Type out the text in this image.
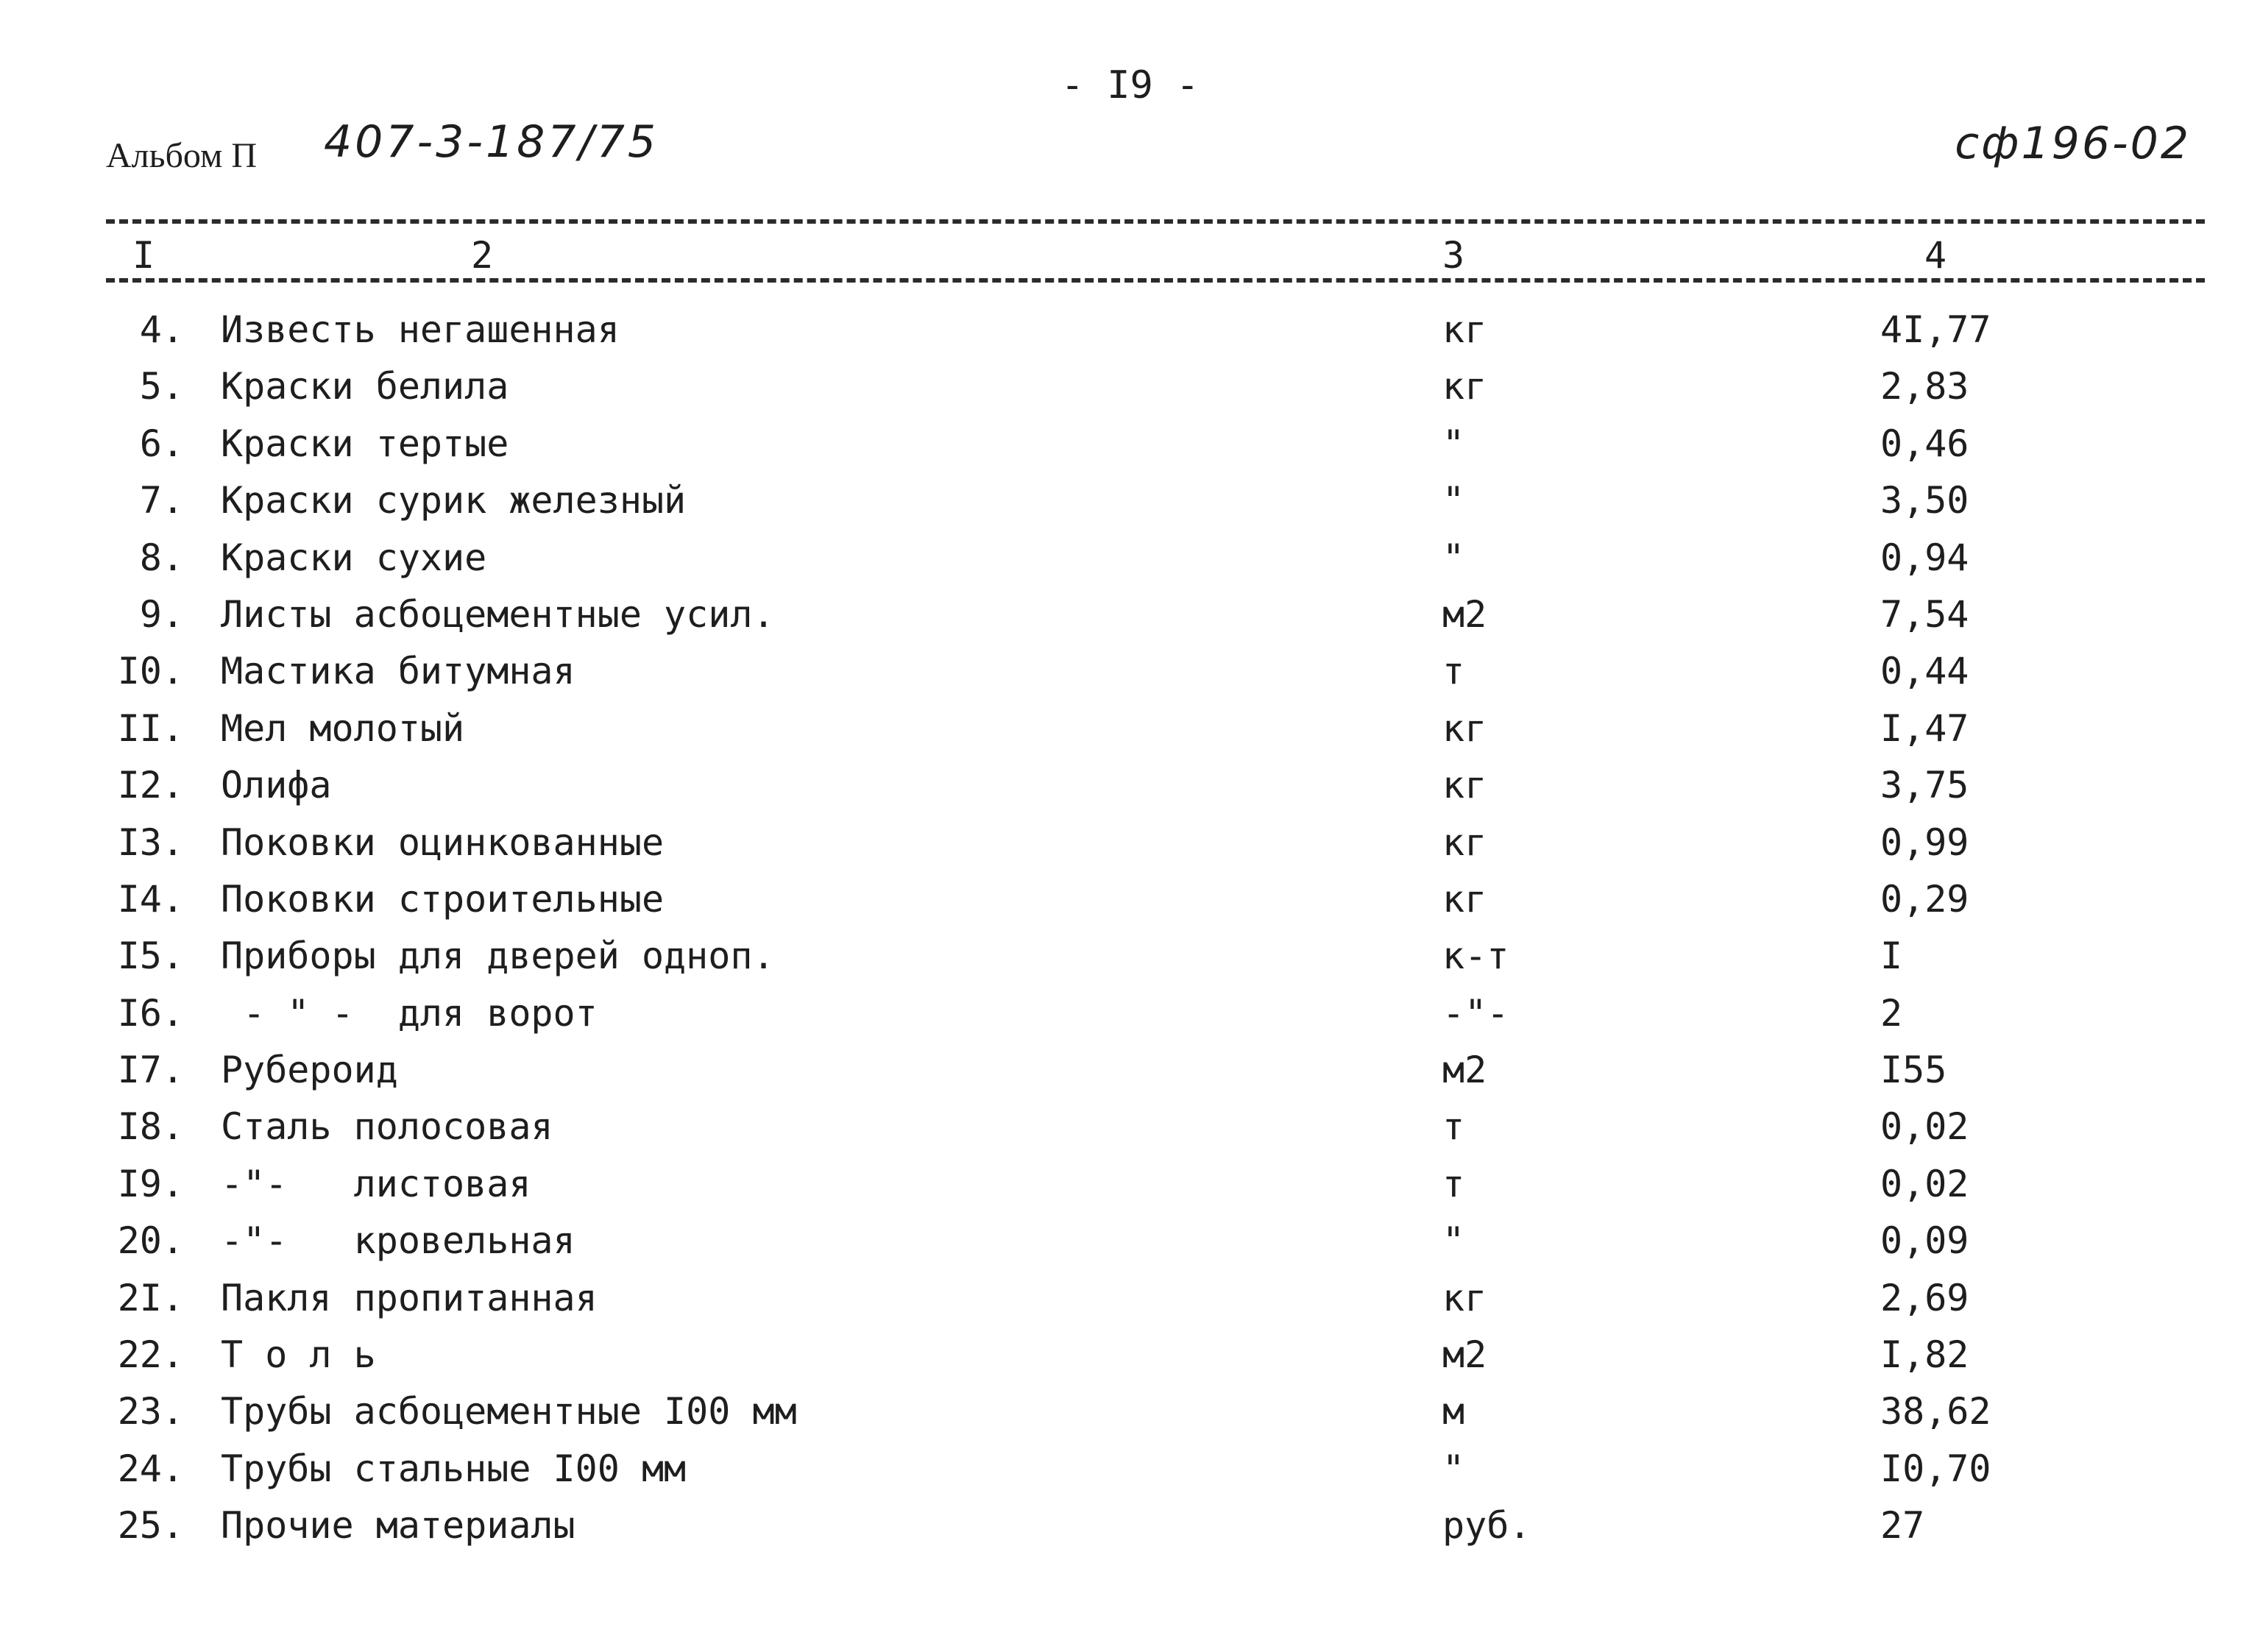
- I9 -
Альбом П 407-3-187/75	сф196-02
I	2	3	4
4. Известь негашенная	кг	4I,77
5. Краски белила	кг	2,83
6. Краски тертые	"	0,46
7. Краски сурик железный	"	3,50
8. Краски сухие	"	0,94
9. Листы асбоцементные усил.	м2	7,54
I0. Мастика битумная	т	0,44
II. Мел молотый	кг	I,47
I2. Олифа	кг	3,75
I3. Поковки оцинкованные	кг	0,99
I4. Поковки строительные	кг	0,29
I5. Приборы для дверей одноп.	к-т	I
I6. - " -  для ворот	-"-	2
I7. Рубероид	м2	I55
I8. Сталь полосовая	т	0,02
I9. -"-   листовая	т	0,02
20. -"-   кровельная	"	0,09
2I. Пакля пропитанная	кг	2,69
22. Т о л ь	м2	I,82
23. Трубы асбоцементные I00 мм	м	38,62
24. Трубы стальные I00 мм	"	I0,70
25. Прочие материалы	руб.	27
